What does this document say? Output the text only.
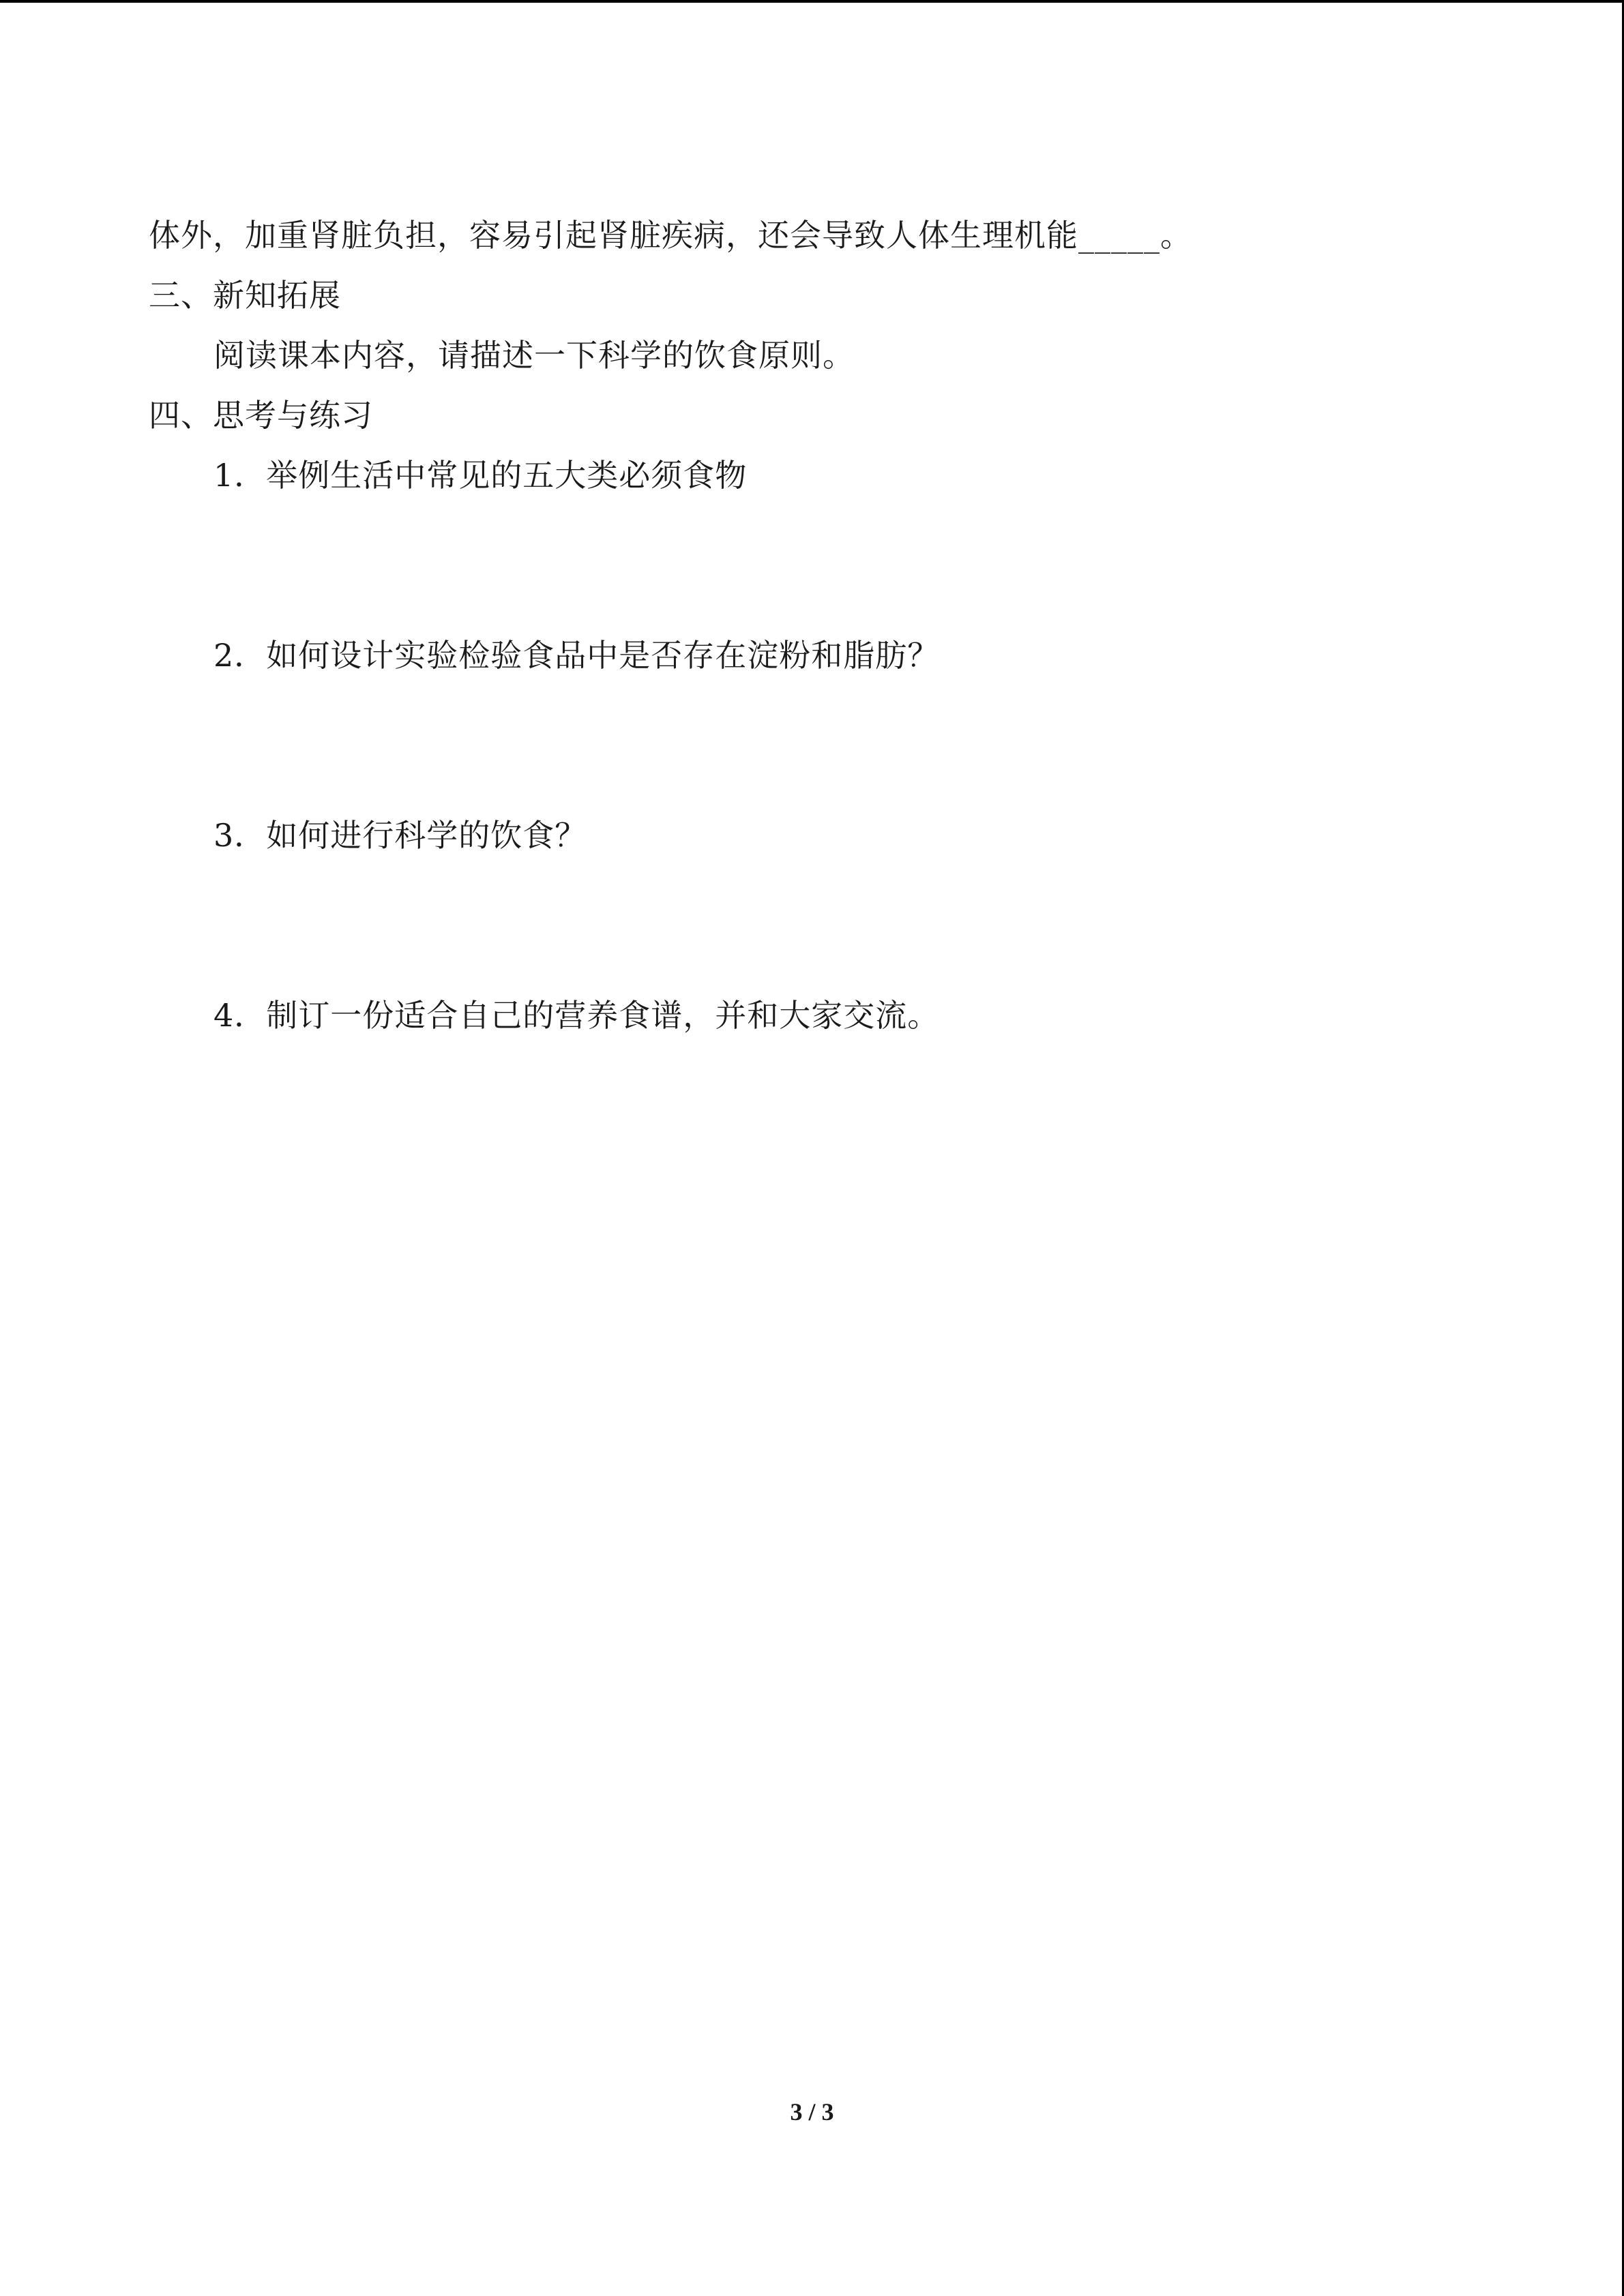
体外，加重肾脏负担，容易引起肾脏疾病，还会导致人体生理机能_____。
三、新知拓展
阅读课本内容，请描述一下科学的饮食原则。
四、思考与练习
1．举例生活中常见的五大类必须食物
2．如何设计实验检验食品中是否存在淀粉和脂肪？
3．如何进行科学的饮食？
4．制订一份适合自己的营养食谱，并和大家交流。
3 / 3
